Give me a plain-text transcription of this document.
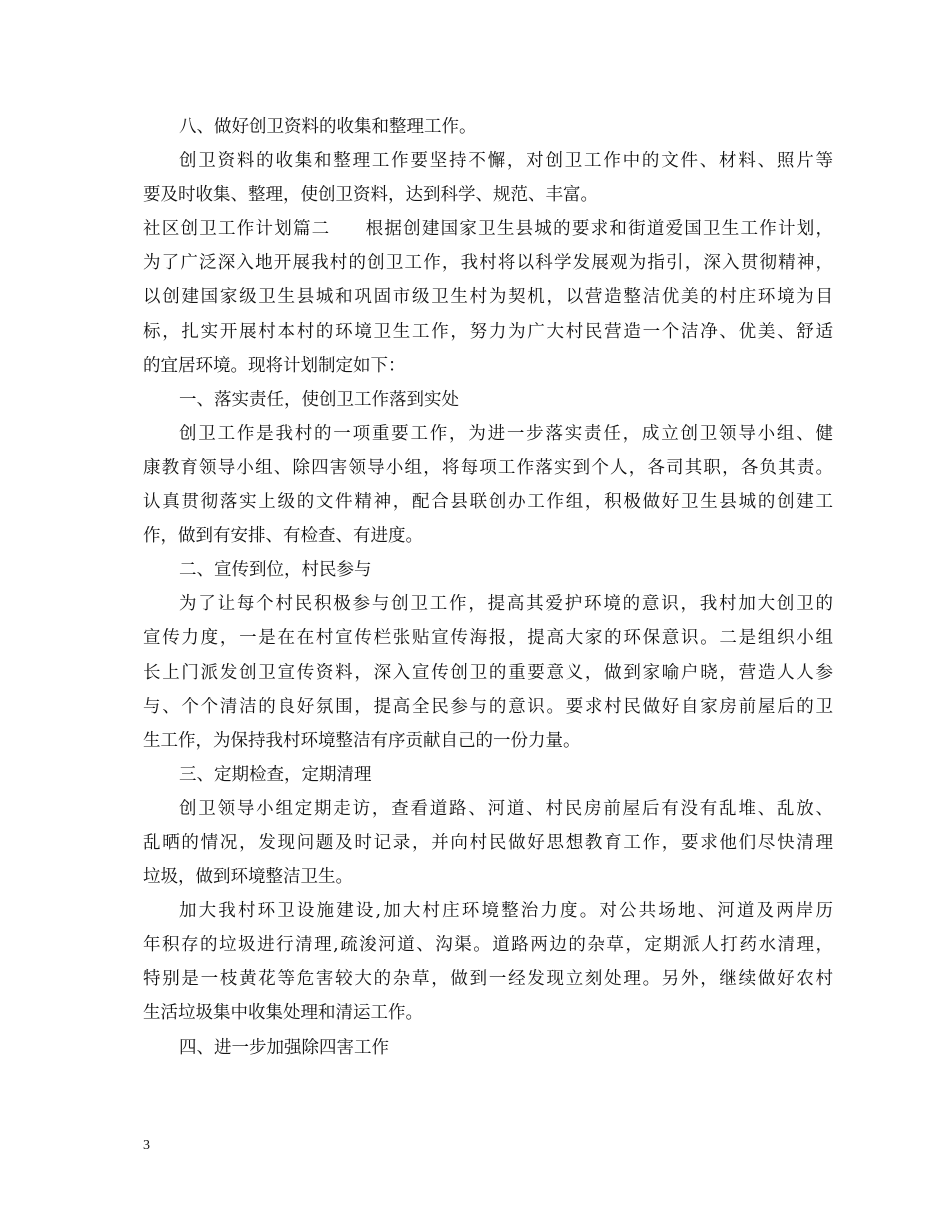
八、做好创卫资料的收集和整理工作。

创卫资料的收集和整理工作要坚持不懈，对创卫工作中的文件、材料、照片等

要及时收集、整理，使创卫资料，达到科学、规范、丰富。

社区创卫工作计划篇二 根据创建国家卫生县城的要求和街道爱国卫生工作计划，

为了广泛深入地开展我村的创卫工作，我村将以科学发展观为指引，深入贯彻精神，

以创建国家级卫生县城和巩固市级卫生村为契机，以营造整洁优美的村庄环境为目

标，扎实开展村本村的环境卫生工作，努力为广大村民营造一个洁净、优美、舒适

的宜居环境。现将计划制定如下：

一、落实责任，使创卫工作落到实处

创卫工作是我村的一项重要工作，为进一步落实责任，成立创卫领导小组、健

康教育领导小组、除四害领导小组，将每项工作落实到个人，各司其职，各负其责。

认真贯彻落实上级的文件精神，配合县联创办工作组，积极做好卫生县城的创建工

作，做到有安排、有检查、有进度。

二、宣传到位，村民参与

为了让每个村民积极参与创卫工作，提高其爱护环境的意识，我村加大创卫的

宣传力度，一是在在村宣传栏张贴宣传海报，提高大家的环保意识。二是组织小组

长上门派发创卫宣传资料，深入宣传创卫的重要意义，做到家喻户晓，营造人人参

与、个个清洁的良好氛围，提高全民参与的意识。要求村民做好自家房前屋后的卫

生工作，为保持我村环境整洁有序贡献自己的一份力量。

三、定期检查，定期清理

创卫领导小组定期走访，查看道路、河道、村民房前屋后有没有乱堆、乱放、

乱晒的情况，发现问题及时记录，并向村民做好思想教育工作，要求他们尽快清理

垃圾，做到环境整洁卫生。

加大我村环卫设施建设,加大村庄环境整治力度。对公共场地、河道及两岸历

年积存的垃圾进行清理,疏浚河道、沟渠。道路两边的杂草，定期派人打药水清理，

特别是一枝黄花等危害较大的杂草，做到一经发现立刻处理。另外，继续做好农村

生活垃圾集中收集处理和清运工作。

四、进一步加强除四害工作

3
